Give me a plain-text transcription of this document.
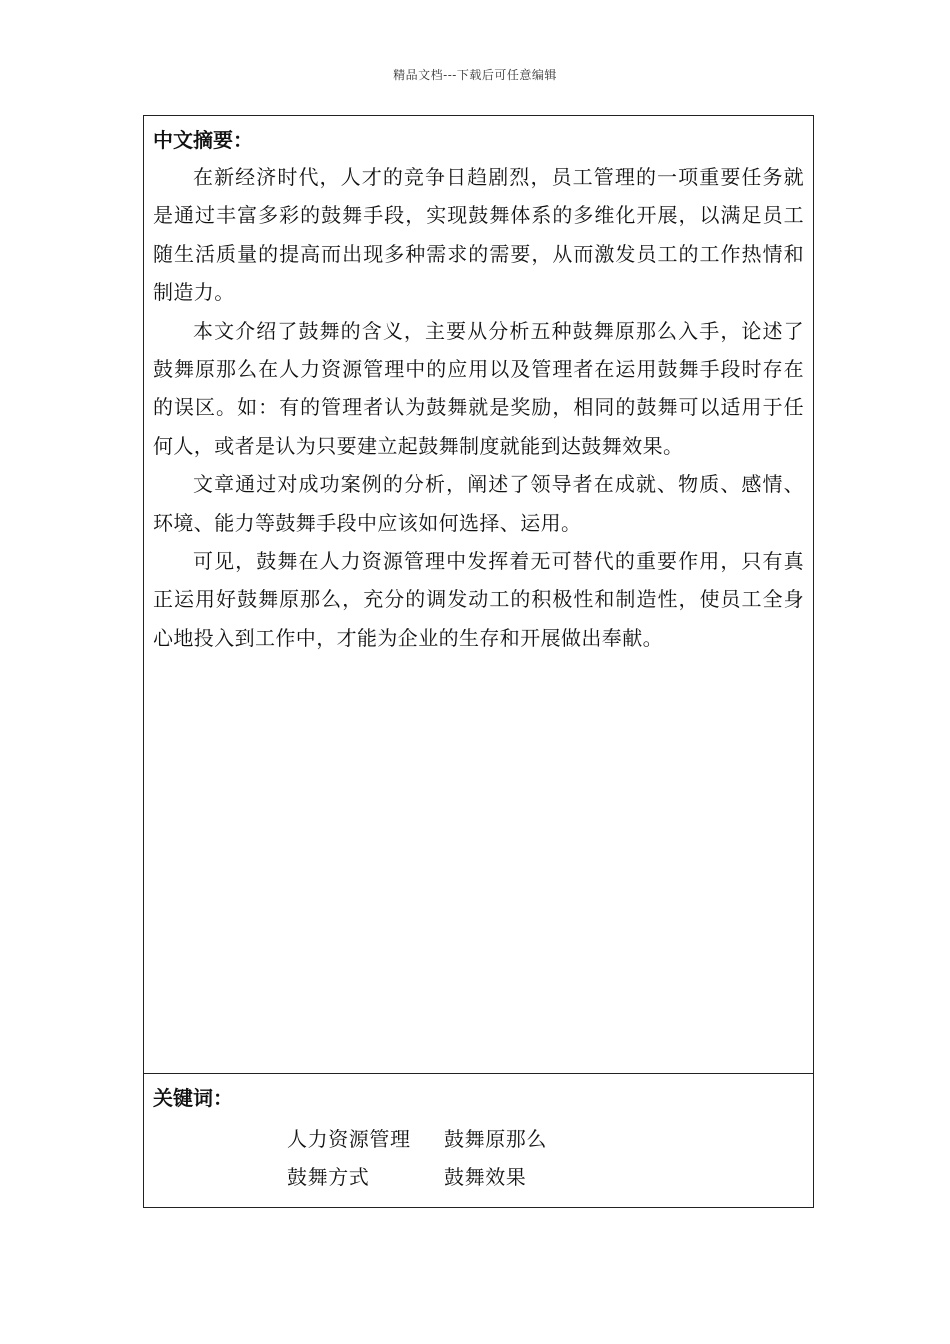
精品文档---下载后可任意编辑
中文摘要：

在新经济时代，人才的竞争日趋剧烈，员工管理的一项重要任务就是通过丰富多彩的鼓舞手段，实现鼓舞体系的多维化开展，以满足员工随生活质量的提高而出现多种需求的需要，从而激发员工的工作热情和制造力。

本文介绍了鼓舞的含义，主要从分析五种鼓舞原那么入手，论述了鼓舞原那么在人力资源管理中的应用以及管理者在运用鼓舞手段时存在的误区。如：有的管理者认为鼓舞就是奖励，相同的鼓舞可以适用于任何人，或者是认为只要建立起鼓舞制度就能到达鼓舞效果。

文章通过对成功案例的分析，阐述了领导者在成就、物质、感情、环境、能力等鼓舞手段中应该如何选择、运用。

可见，鼓舞在人力资源管理中发挥着无可替代的重要作用，只有真正运用好鼓舞原那么，充分的调发动工的积极性和制造性，使员工全身心地投入到工作中，才能为企业的生存和开展做出奉献。

关键词：
人力资源管理	鼓舞原那么
鼓舞方式	鼓舞效果
